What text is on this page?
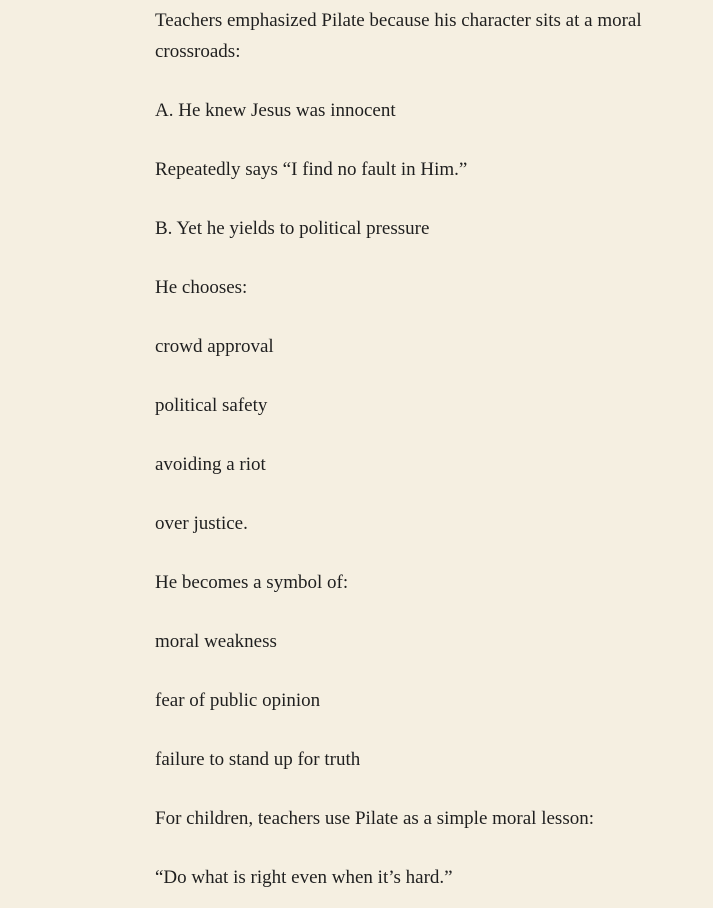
Teachers emphasized Pilate because his character sits at a moral crossroads:

A. He knew Jesus was innocent

Repeatedly says “I find no fault in Him.”

B. Yet he yields to political pressure

He chooses:

crowd approval

political safety

avoiding a riot

over justice.

He becomes a symbol of:

moral weakness

fear of public opinion

failure to stand up for truth

For children, teachers use Pilate as a simple moral lesson:

“Do what is right even when it’s hard.”
